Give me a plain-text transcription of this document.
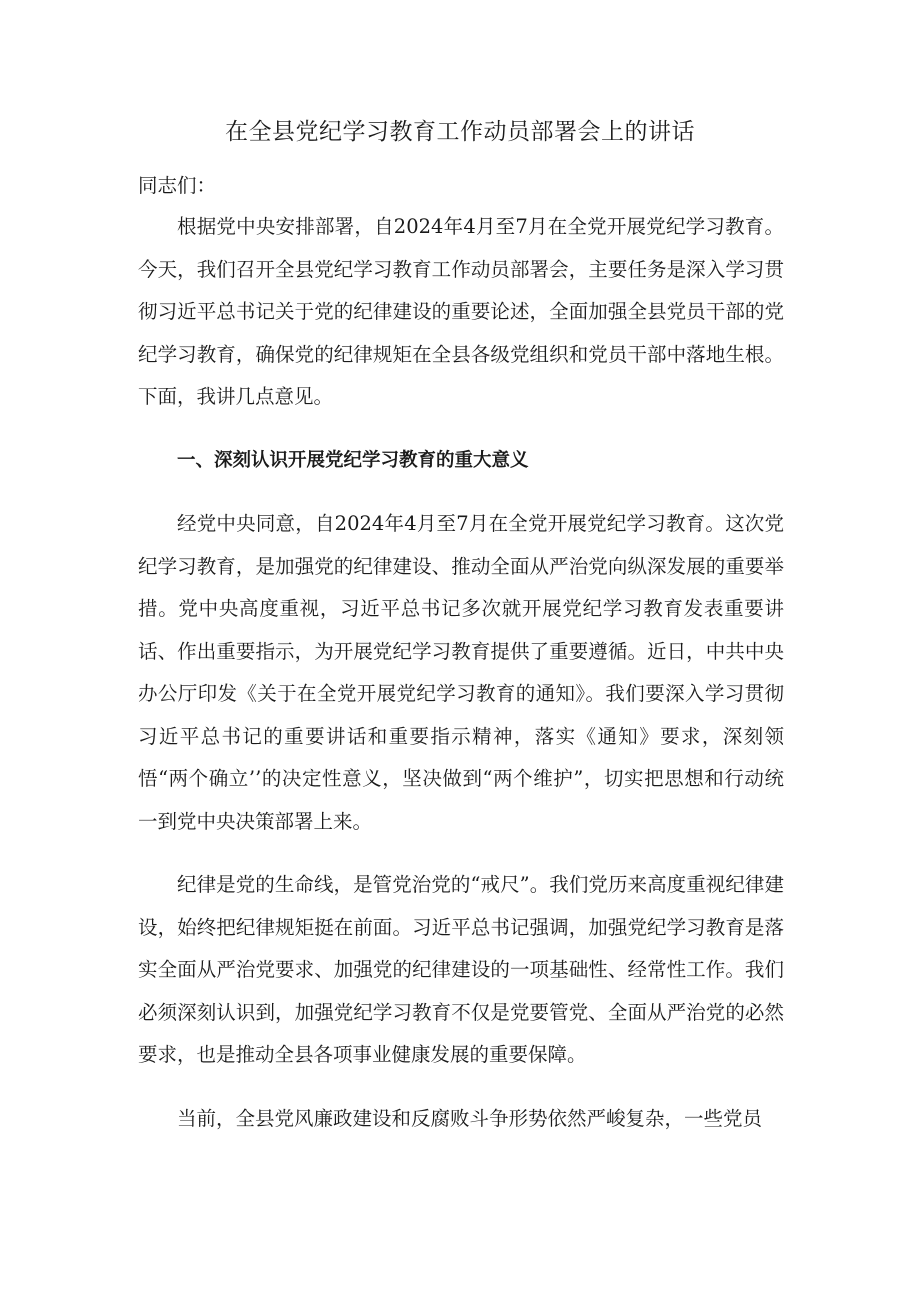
在全县党纪学习教育工作动员部署会上的讲话
同志们：

根据党中央安排部署，自2024年4月至7月在全党开展党纪学习教育。今天，我们召开全县党纪学习教育工作动员部署会，主要任务是深入学习贯彻习近平总书记关于党的纪律建设的重要论述，全面加强全县党员干部的党纪学习教育，确保党的纪律规矩在全县各级党组织和党员干部中落地生根。下面，我讲几点意见。

一、深刻认识开展党纪学习教育的重大意义

经党中央同意，自2024年4月至7月在全党开展党纪学习教育。这次党纪学习教育，是加强党的纪律建设、推动全面从严治党向纵深发展的重要举措。党中央高度重视，习近平总书记多次就开展党纪学习教育发表重要讲话、作出重要指示，为开展党纪学习教育提供了重要遵循。近日，中共中央办公厅印发《关于在全党开展党纪学习教育的通知》。我们要深入学习贯彻习近平总书记的重要讲话和重要指示精神，落实《通知》要求，深刻领悟“两个确立’’的决定性意义，坚决做到“两个维护”，切实把思想和行动统一到党中央决策部署上来。

纪律是党的生命线，是管党治党的“戒尺”。我们党历来高度重视纪律建设，始终把纪律规矩挺在前面。习近平总书记强调，加强党纪学习教育是落实全面从严治党要求、加强党的纪律建设的一项基础性、经常性工作。我们必须深刻认识到，加强党纪学习教育不仅是党要管党、全面从严治党的必然要求，也是推动全县各项事业健康发展的重要保障。

当前，全县党风廉政建设和反腐败斗争形势依然严峻复杂，一些党员
